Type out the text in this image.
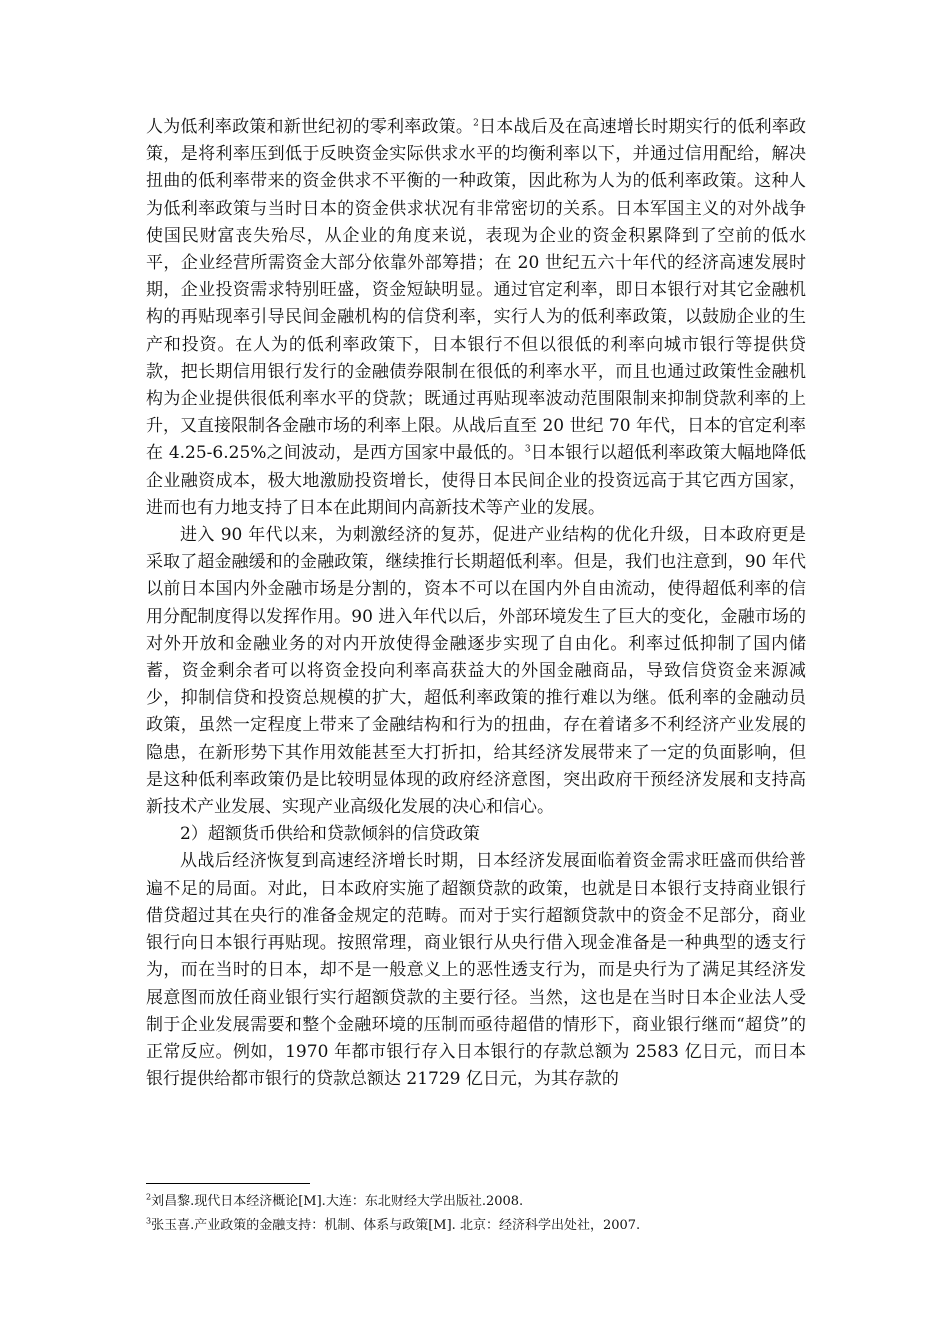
人为低利率政策和新世纪初的零利率政策。$^2$日本战后及在高速增长时期实行的低利率政策，是将利率压到低于反映资金实际供求水平的均衡利率以下，并通过信用配给，解决扭曲的低利率带来的资金供求不平衡的一种政策，因此称为人为的低利率政策。这种人为低利率政策与当时日本的资金供求状况有非常密切的关系。日本军国主义的对外战争使国民财富丧失殆尽，从企业的角度来说，表现为企业的资金积累降到了空前的低水平，企业经营所需资金大部分依靠外部筹措；在 20 世纪五六十年代的经济高速发展时期，企业投资需求特别旺盛，资金短缺明显。通过官定利率，即日本银行对其它金融机构的再贴现率引导民间金融机构的信贷利率，实行人为的低利率政策，以鼓励企业的生产和投资。在人为的低利率政策下，日本银行不但以很低的利率向城市银行等提供贷款，把长期信用银行发行的金融债券限制在很低的利率水平，而且也通过政策性金融机构为企业提供很低利率水平的贷款；既通过再贴现率波动范围限制来抑制贷款利率的上升，又直接限制各金融市场的利率上限。从战后直至 20 世纪 70 年代，日本的官定利率在 4.25-6.25%之间波动，是西方国家中最低的。$^3$日本银行以超低利率政策大幅地降低企业融资成本，极大地激励投资增长，使得日本民间企业的投资远高于其它西方国家，进而也有力地支持了日本在此期间内高新技术等产业的发展。

进入 90 年代以来，为刺激经济的复苏，促进产业结构的优化升级，日本政府更是采取了超金融缓和的金融政策，继续推行长期超低利率。但是，我们也注意到，90 年代以前日本国内外金融市场是分割的，资本不可以在国内外自由流动，使得超低利率的信用分配制度得以发挥作用。90 进入年代以后，外部环境发生了巨大的变化，金融市场的对外开放和金融业务的对内开放使得金融逐步实现了自由化。利率过低抑制了国内储蓄，资金剩余者可以将资金投向利率高获益大的外国金融商品，导致信贷资金来源减少，抑制信贷和投资总规模的扩大，超低利率政策的推行难以为继。低利率的金融动员政策，虽然一定程度上带来了金融结构和行为的扭曲，存在着诸多不利经济产业发展的隐患，在新形势下其作用效能甚至大打折扣，给其经济发展带来了一定的负面影响，但是这种低利率政策仍是比较明显体现的政府经济意图，突出政府干预经济发展和支持高新技术产业发展、实现产业高级化发展的决心和信心。

2）超额货币供给和贷款倾斜的信贷政策

从战后经济恢复到高速经济增长时期，日本经济发展面临着资金需求旺盛而供给普遍不足的局面。对此，日本政府实施了超额贷款的政策，也就是日本银行支持商业银行借贷超过其在央行的准备金规定的范畴。而对于实行超额贷款中的资金不足部分，商业银行向日本银行再贴现。按照常理，商业银行从央行借入现金准备是一种典型的透支行为，而在当时的日本，却不是一般意义上的恶性透支行为，而是央行为了满足其经济发展意图而放任商业银行实行超额贷款的主要行径。当然，这也是在当时日本企业法人受制于企业发展需要和整个金融环境的压制而亟待超借的情形下，商业银行继而“超贷”的正常反应。例如，1970 年都市银行存入日本银行的存款总额为 2583 亿日元，而日本银行提供给都市银行的贷款总额达 21729 亿日元，为其存款的

$^2$刘昌黎.现代日本经济概论[M].大连：东北财经大学出版社.2008.

$^3$张玉喜.产业政策的金融支持：机制、体系与政策[M]. 北京：经济科学出处社，2007.
